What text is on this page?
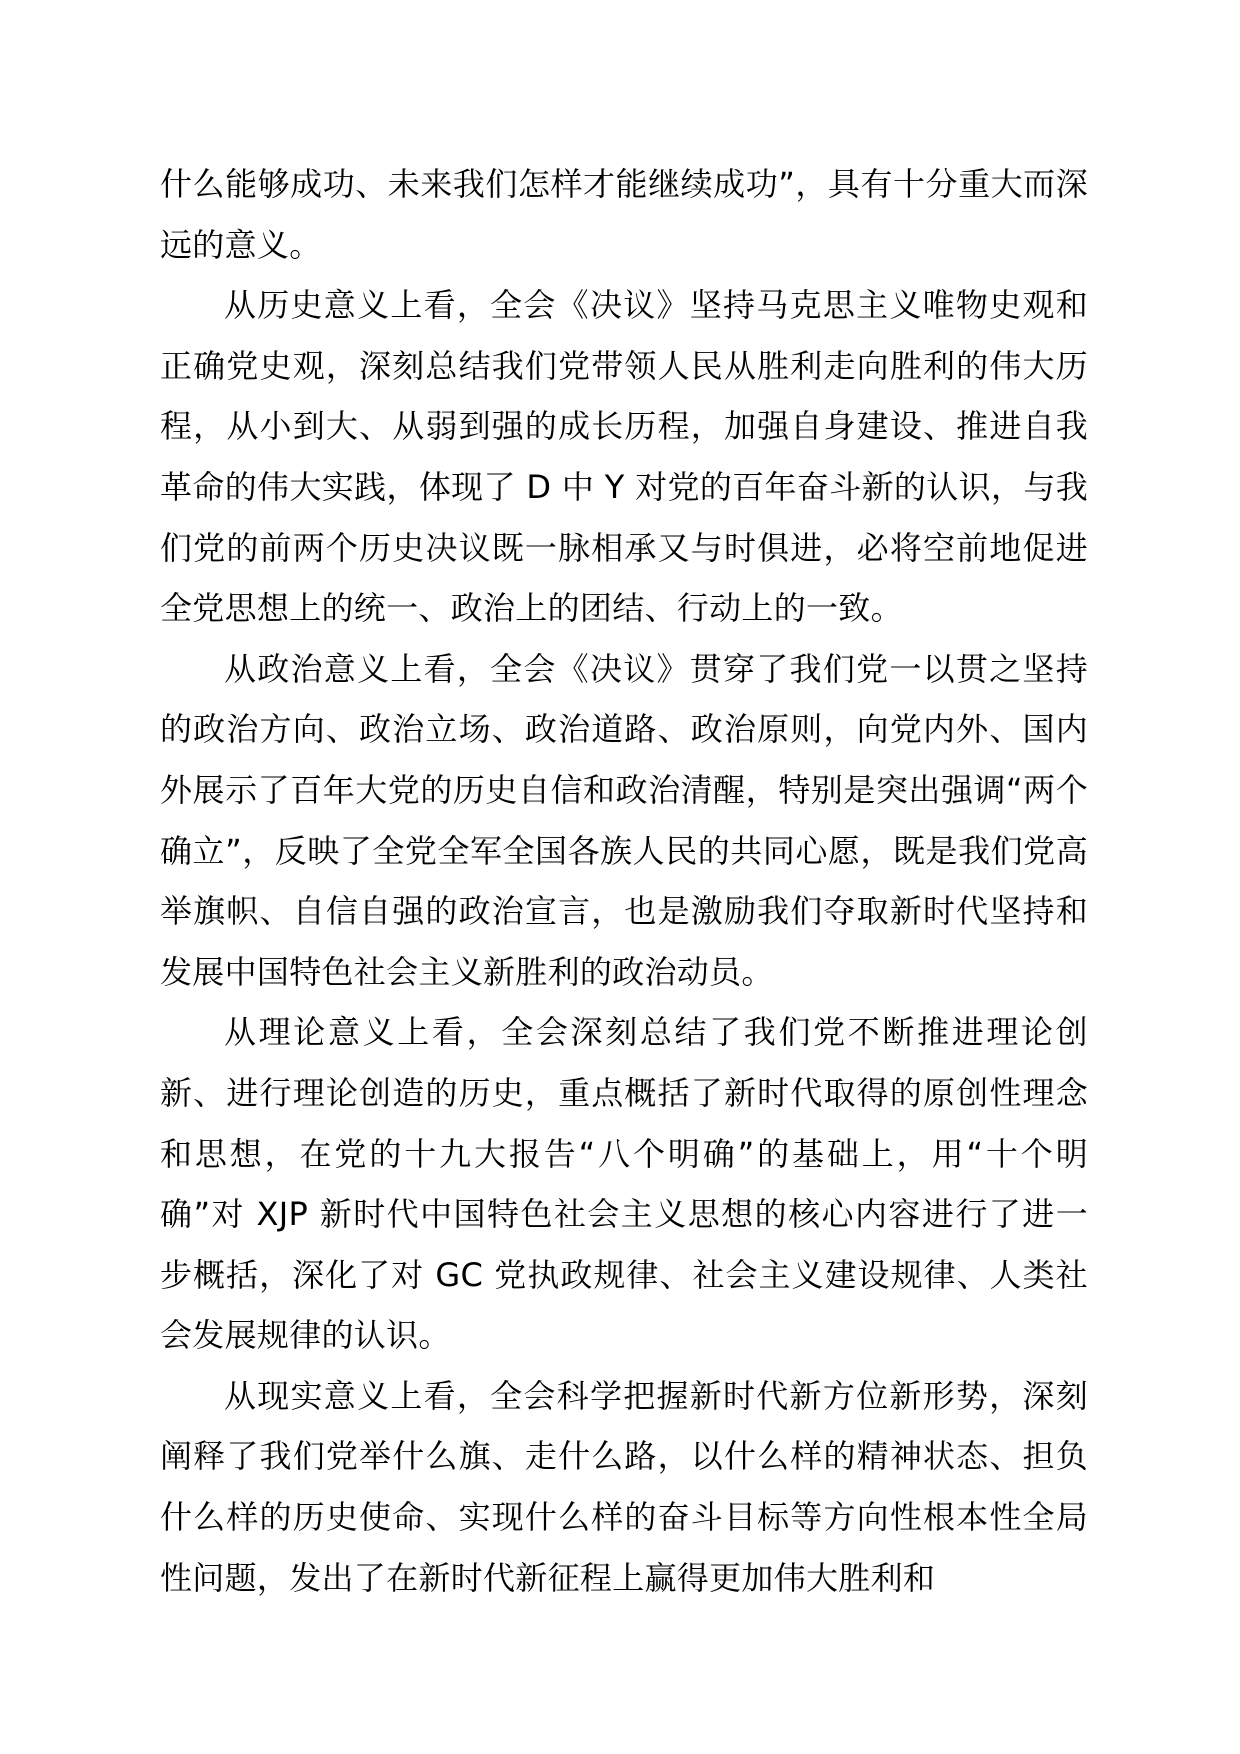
什么能够成功、未来我们怎样才能继续成功”，具有十分重大而深远的意义。

从历史意义上看，全会《决议》坚持马克思主义唯物史观和正确党史观，深刻总结我们党带领人民从胜利走向胜利的伟大历程，从小到大、从弱到强的成长历程，加强自身建设、推进自我革命的伟大实践，体现了 D 中 Y 对党的百年奋斗新的认识，与我们党的前两个历史决议既一脉相承又与时俱进，必将空前地促进全党思想上的统一、政治上的团结、行动上的一致。

从政治意义上看，全会《决议》贯穿了我们党一以贯之坚持的政治方向、政治立场、政治道路、政治原则，向党内外、国内外展示了百年大党的历史自信和政治清醒，特别是突出强调“两个确立”，反映了全党全军全国各族人民的共同心愿，既是我们党高举旗帜、自信自强的政治宣言，也是激励我们夺取新时代坚持和发展中国特色社会主义新胜利的政治动员。

从理论意义上看，全会深刻总结了我们党不断推进理论创新、进行理论创造的历史，重点概括了新时代取得的原创性理念和思想，在党的十九大报告“八个明确”的基础上，用“十个明确”对 XJP 新时代中国特色社会主义思想的核心内容进行了进一步概括，深化了对 GC 党执政规律、社会主义建设规律、人类社会发展规律的认识。

从现实意义上看，全会科学把握新时代新方位新形势，深刻阐释了我们党举什么旗、走什么路，以什么样的精神状态、担负什么样的历史使命、实现什么样的奋斗目标等方向性根本性全局性问题，发出了在新时代新征程上赢得更加伟大胜利和
